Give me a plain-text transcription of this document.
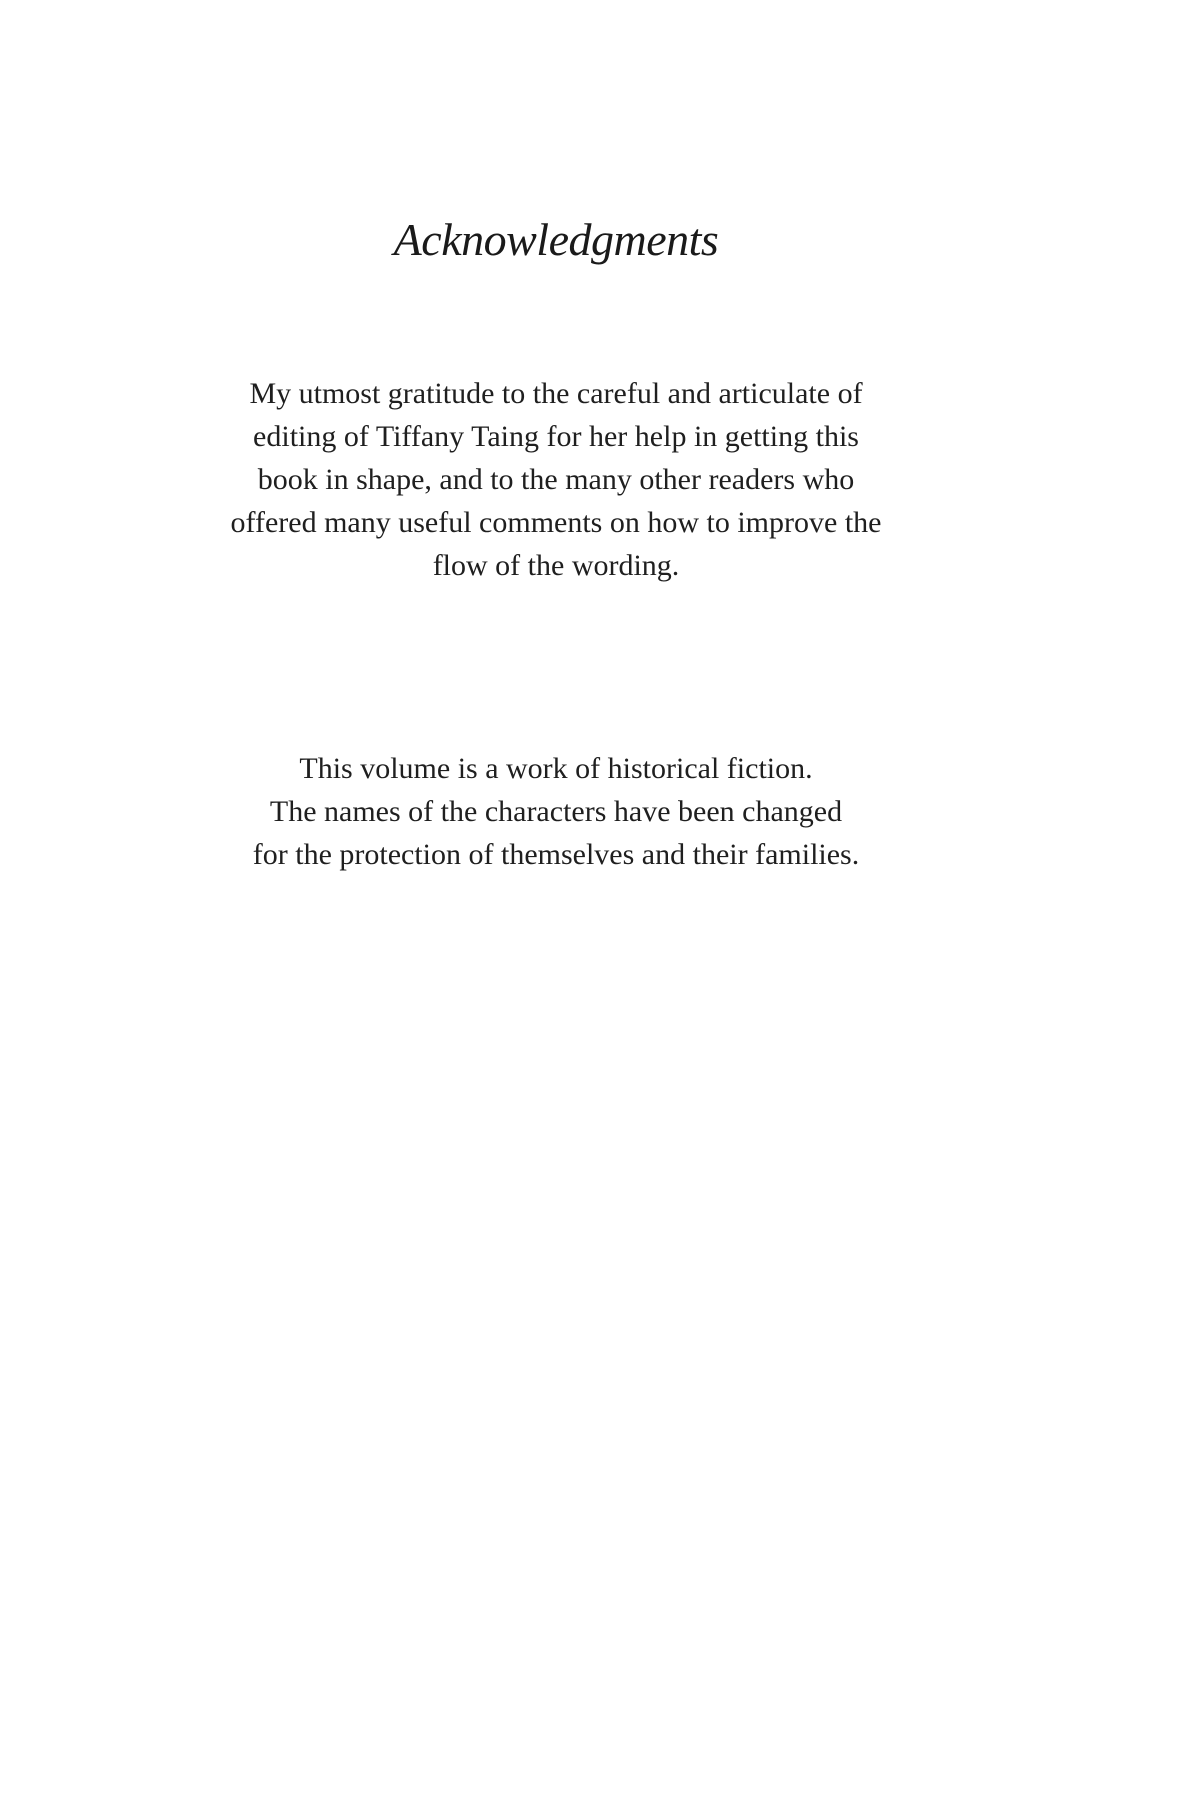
Acknowledgments
My utmost gratitude to the careful and articulate of
editing of Tiffany Taing for her help in getting this
book in shape, and to the many other readers who
offered many useful comments on how to improve the
flow of the wording.
This volume is a work of historical fiction.
The names of the characters have been changed
for the protection of themselves and their families.
